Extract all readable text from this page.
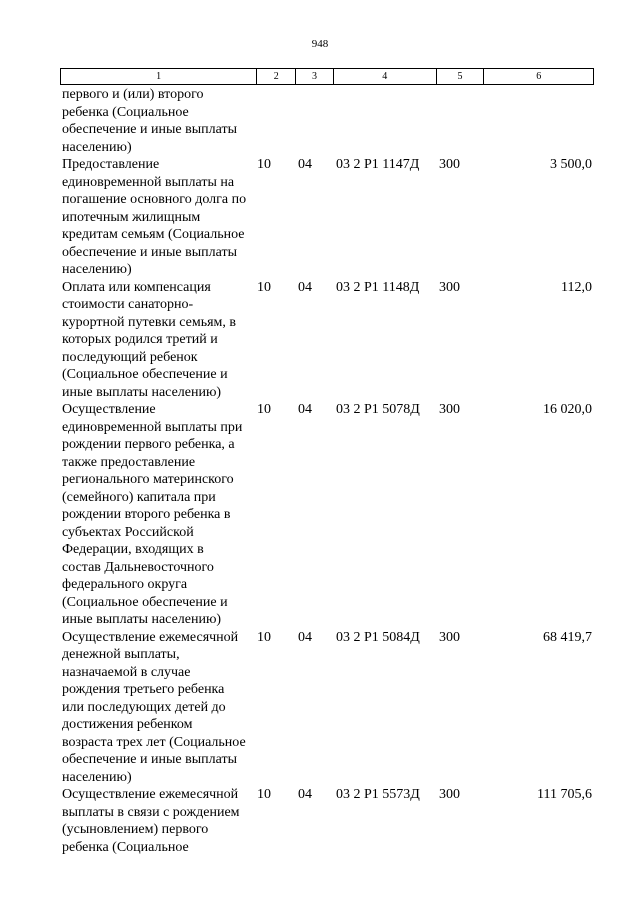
948
1	2	3	4	5	6
первого и (или) второго
ребенка (Социальное
обеспечение и иные выплаты
населению)
Предоставление
единовременной выплаты на
погашение основного долга по
ипотечным жилищным
кредитам семьям (Социальное
обеспечение и иные выплаты
населению)
10	04	03 2 P1 1147Д	300	3 500,0
Оплата или компенсация
стоимости санаторно-
курортной путевки семьям, в
которых родился третий и
последующий ребенок
(Социальное обеспечение и
иные выплаты населению)
10	04	03 2 P1 1148Д	300	112,0
Осуществление
единовременной выплаты при
рождении первого ребенка, а
также предоставление
регионального материнского
(семейного) капитала при
рождении второго ребенка в
субъектах Российской
Федерации, входящих в
состав Дальневосточного
федерального округа
(Социальное обеспечение и
иные выплаты населению)
10	04	03 2 P1 5078Д	300	16 020,0
Осуществление ежемесячной
денежной выплаты,
назначаемой в случае
рождения третьего ребенка
или последующих детей до
достижения ребенком
возраста трех лет (Социальное
обеспечение и иные выплаты
населению)
10	04	03 2 P1 5084Д	300	68 419,7
Осуществление ежемесячной
выплаты в связи с рождением
(усыновлением) первого
ребенка (Социальное
10	04	03 2 P1 5573Д	300	111 705,6
